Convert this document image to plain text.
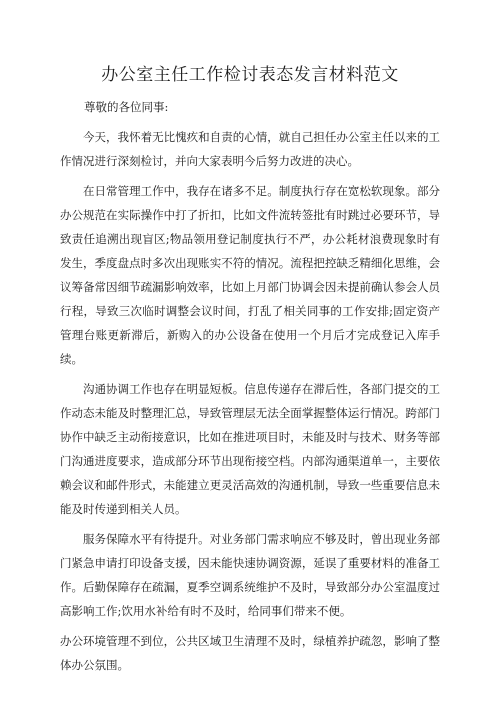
办公室主任工作检讨表态发言材料范文

尊敬的各位同事:

今天，我怀着无比愧疚和自责的心情，就自己担任办公室主任以来的工作情况进行深刻检讨，并向大家表明今后努力改进的决心。

在日常管理工作中，我存在诸多不足。制度执行存在宽松软现象。部分办公规范在实际操作中打了折扣，比如文件流转签批有时跳过必要环节，导致责任追溯出现盲区;物品领用登记制度执行不严，办公耗材浪费现象时有发生，季度盘点时多次出现账实不符的情况。流程把控缺乏精细化思维，会议筹备常因细节疏漏影响效率，比如上月部门协调会因未提前确认参会人员行程，导致三次临时调整会议时间，打乱了相关同事的工作安排;固定资产管理台账更新滞后，新购入的办公设备在使用一个月后才完成登记入库手续。

沟通协调工作也存在明显短板。信息传递存在滞后性，各部门提交的工作动态未能及时整理汇总，导致管理层无法全面掌握整体运行情况。跨部门协作中缺乏主动衔接意识，比如在推进项目时，未能及时与技术、财务等部门沟通进度要求，造成部分环节出现衔接空档。内部沟通渠道单一，主要依赖会议和邮件形式，未能建立更灵活高效的沟通机制，导致一些重要信息未能及时传递到相关人员。

服务保障水平有待提升。对业务部门需求响应不够及时，曾出现业务部门紧急申请打印设备支援，因未能快速协调资源，延误了重要材料的准备工作。后勤保障存在疏漏，夏季空调系统维护不及时，导致部分办公室温度过高影响工作;饮用水补给有时不及时，给同事们带来不便。

办公环境管理不到位，公共区域卫生清理不及时，绿植养护疏忽，影响了整体办公氛围。
